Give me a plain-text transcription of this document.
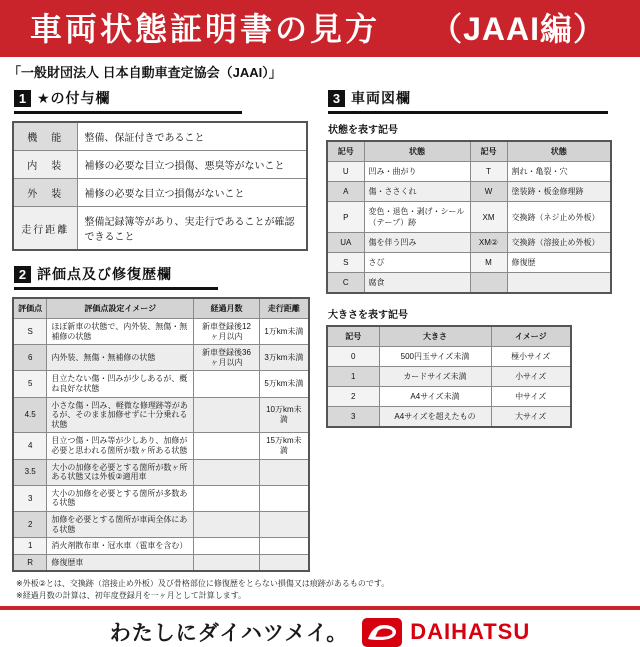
車両状態証明書の見方 （JAAI編）
「一般財団法人 日本自動車査定協会（JAAI）」
1 ★の付与欄
機　能	整備、保証付きであること
内　装	補修の必要な目立つ損傷、悪臭等がないこと
外　装	補修の必要な目立つ損傷がないこと
走行距離	整備記録簿等があり、実走行であることが確認できること
2 評価点及び修復歴欄
評価点	評価点設定イメージ	経過月数	走行距離
S	ほぼ新車の状態で、内外装、無傷・無補修の状態	新車登録後12ヶ月以内	1万km未満
6	内外装、無傷・無補修の状態	新車登録後36ヶ月以内	3万km未満
5	目立たない傷・凹みが少しあるが、概ね良好な状態		5万km未満
4.5	小さな傷・凹み、軽微な修理跡等があるが、そのまま加修せずに十分乗れる状態		10万km未満
4	目立つ傷・凹み等が少しあり、加修が必要と思われる箇所が数ヶ所ある状態		15万km未満
3.5	大小の加修を必要とする箇所が数ヶ所ある状態又は外板②適用車		
3	大小の加修を必要とする箇所が多数ある状態		
2	加修を必要とする箇所が車両全体にある状態		
1	消火剤散布車・冠水車（雹車を含む）		
R	修復歴車		
3 車両図欄
状態を表す記号
記号	状態	記号	状態
U	凹み・曲がり	T	割れ・亀裂・穴
A	傷・ささくれ	W	塗装跡・板金修理跡
P	変色・退色・剥げ・シール（テープ）跡	XM	交換跡（ネジ止め外板）
UA	傷を伴う凹み	XM②	交換跡（溶接止め外板）
S	さび	M	修復歴
C	腐食		
大きさを表す記号
記号	大きさ	イメージ
0	500円玉サイズ未満	極小サイズ
1	カードサイズ未満	小サイズ
2	A4サイズ未満	中サイズ
3	A4サイズを超えたもの	大サイズ
※外板②とは、交換跡（溶接止め外板）及び骨格部位に修復歴をとらない損傷又は痕跡があるものです。
※経過月数の計算は、初年度登録月を一ヶ月として計算します。
わたしにダイハツメイ。	DAIHATSU
